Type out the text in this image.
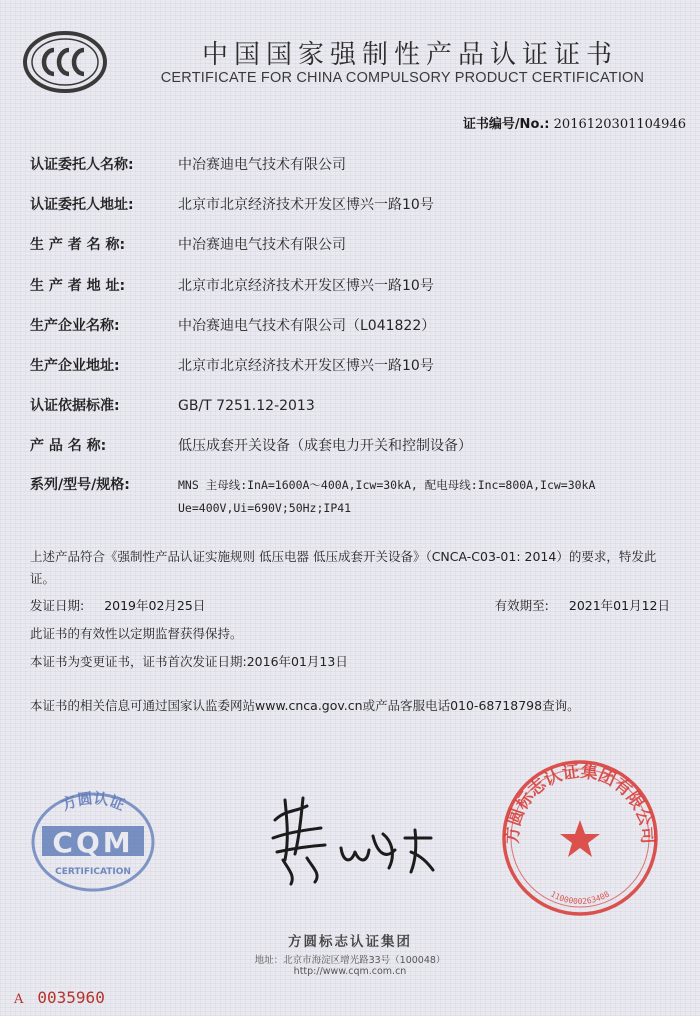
中国国家强制性产品认证证书
CERTIFICATE FOR CHINA COMPULSORY PRODUCT CERTIFICATION
证书编号/No.: 2016120301104946
认证委托人名称:	中冶赛迪电气技术有限公司
认证委托人地址:	北京市北京经济技术开发区博兴一路10号
生 产 者 名 称:	中冶赛迪电气技术有限公司
生 产 者 地 址:	北京市北京经济技术开发区博兴一路10号
生产企业名称:	中冶赛迪电气技术有限公司（L041822）
生产企业地址:	北京市北京经济技术开发区博兴一路10号
认证依据标准:	GB/T 7251.12-2013
产 品 名 称:	低压成套开关设备（成套电力开关和控制设备）
系列/型号/规格:	MNS 主母线:InA=1600A～400A,Icw=30kA, 配电母线:Inc=800A,Icw=30kA
Ue=400V,Ui=690V;50Hz;IP41
上述产品符合《强制性产品认证实施规则 低压电器 低压成套开关设备》（CNCA-C03-01: 2014）的要求，特发此证。
发证日期: 2019年02月25日	有效期至: 2021年01月12日
此证书的有效性以定期监督获得保持。
本证书为变更证书，证书首次发证日期:2016年01月13日
本证书的相关信息可通过国家认监委网站www.cnca.gov.cn或产品客服电话010-68718798查询。
方圆认证
CQM
CERTIFICATION
方圆标志认证集团有限公司
1100000263408
方圆标志认证集团
地址：北京市海淀区增光路33号（100048）
http://www.cqm.com.cn
A 0035960
